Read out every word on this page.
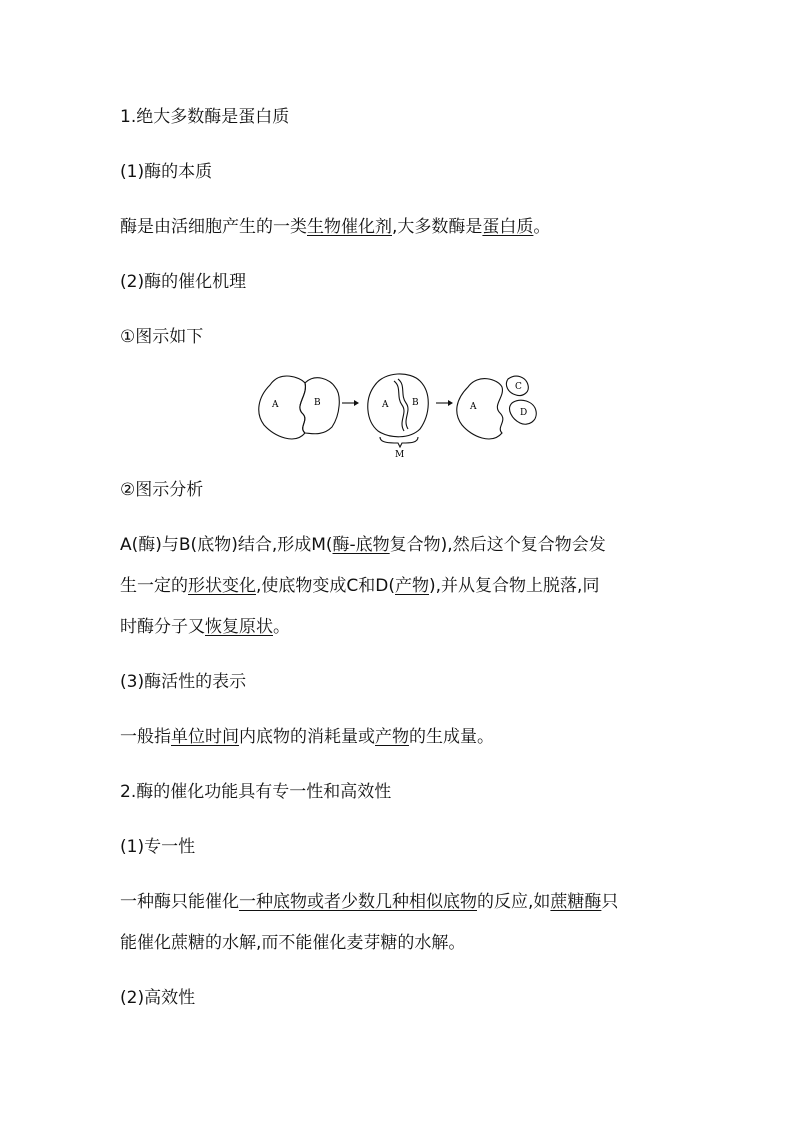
1.绝大多数酶是蛋白质
(1)酶的本质
酶是由活细胞产生的一类生物催化剂,大多数酶是蛋白质。
(2)酶的催化机理
①图示如下
A	B	A	B
M
A
C
D
②图示分析
A(酶)与B(底物)结合,形成M(酶-底物复合物),然后这个复合物会发
生一定的形状变化,使底物变成C和D(产物),并从复合物上脱落,同
时酶分子又恢复原状。
(3)酶活性的表示
一般指单位时间内底物的消耗量或产物的生成量。
2.酶的催化功能具有专一性和高效性
(1)专一性
一种酶只能催化一种底物或者少数几种相似底物的反应,如蔗糖酶只
能催化蔗糖的水解,而不能催化麦芽糖的水解。
(2)高效性
